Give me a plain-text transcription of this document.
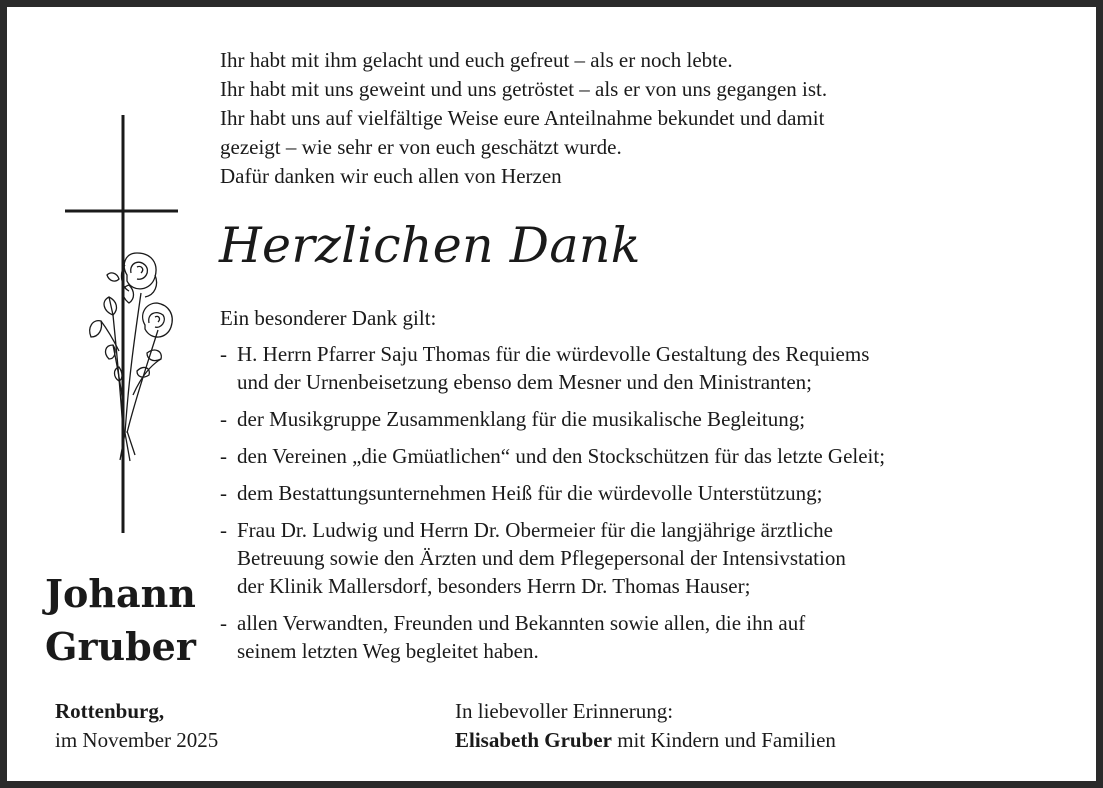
Ihr habt mit ihm gelacht und euch gefreut – als er noch lebte.
Ihr habt mit uns geweint und uns getröstet – als er von uns gegangen ist.
Ihr habt uns auf vielfältige Weise eure Anteilnahme bekundet und damit
gezeigt – wie sehr er von euch geschätzt wurde.
Dafür danken wir euch allen von Herzen
Herzlichen Dank
Ein besonderer Dank gilt:
- H. Herrn Pfarrer Saju Thomas für die würdevolle Gestaltung des Requiems
und der Urnenbeisetzung ebenso dem Mesner und den Ministranten;
- der Musikgruppe Zusammenklang für die musikalische Begleitung;
- den Vereinen „die Gmüatlichen“ und den Stockschützen für das letzte Geleit;
- dem Bestattungsunternehmen Heiß für die würdevolle Unterstützung;
- Frau Dr. Ludwig und Herrn Dr. Obermeier für die langjährige ärztliche
Betreuung sowie den Ärzten und dem Pflegepersonal der Intensivstation
der Klinik Mallersdorf, besonders Herrn Dr. Thomas Hauser;
- allen Verwandten, Freunden und Bekannten sowie allen, die ihn auf
seinem letzten Weg begleitet haben.
Johann
Gruber
Rottenburg,
im November 2025
In liebevoller Erinnerung:
Elisabeth Gruber mit Kindern und Familien
